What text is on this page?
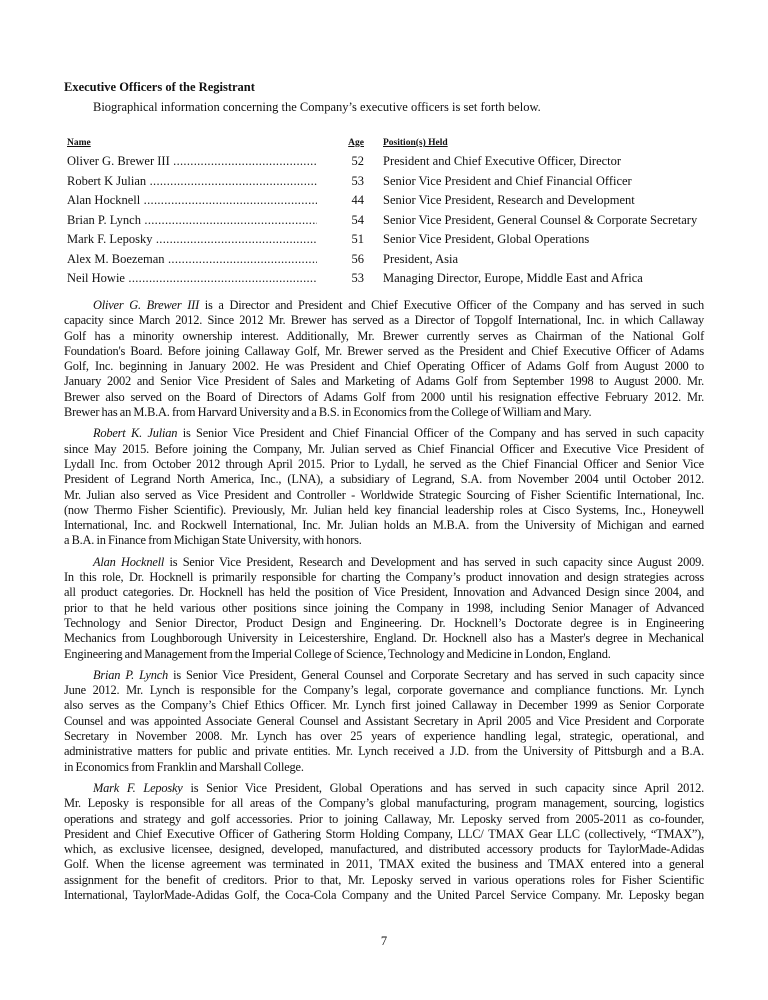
Executive Officers of the Registrant
Biographical information concerning the Company’s executive officers is set forth below.
Name	Age Position(s) Held
Oliver G. Brewer III .....	52 President and Chief Executive Officer, Director
Robert K Julian .....	53 Senior Vice President and Chief Financial Officer
Alan Hocknell .....	44 Senior Vice President, Research and Development
Brian P. Lynch .....	54 Senior Vice President, General Counsel & Corporate Secretary
Mark F. Leposky .....	51 Senior Vice President, Global Operations
Alex M. Boezeman .....	56 President, Asia
Neil Howie .....	53 Managing Director, Europe, Middle East and Africa
Oliver G. Brewer III is a Director and President and Chief Executive Officer of the Company and has served in such
capacity since March 2012. Since 2012 Mr. Brewer has served as a Director of Topgolf International, Inc. in which Callaway
Golf has a minority ownership interest. Additionally, Mr. Brewer currently serves as Chairman of the National Golf
Foundation's Board. Before joining Callaway Golf, Mr. Brewer served as the President and Chief Executive Officer of Adams
Golf, Inc. beginning in January 2002. He was President and Chief Operating Officer of Adams Golf from August 2000 to
January 2002 and Senior Vice President of Sales and Marketing of Adams Golf from September 1998 to August 2000. Mr.
Brewer also served on the Board of Directors of Adams Golf from 2000 until his resignation effective February 2012. Mr.
Brewer has an M.B.A. from Harvard University and a B.S. in Economics from the College of William and Mary.
Robert K. Julian is Senior Vice President and Chief Financial Officer of the Company and has served in such capacity
since May 2015. Before joining the Company, Mr. Julian served as Chief Financial Officer and Executive Vice President of
Lydall Inc. from October 2012 through April 2015. Prior to Lydall, he served as the Chief Financial Officer and Senior Vice
President of Legrand North America, Inc., (LNA), a subsidiary of Legrand, S.A. from November 2004 until October 2012.
Mr. Julian also served as Vice President and Controller - Worldwide Strategic Sourcing of Fisher Scientific International, Inc.
(now Thermo Fisher Scientific). Previously, Mr. Julian held key financial leadership roles at Cisco Systems, Inc., Honeywell
International, Inc. and Rockwell International, Inc. Mr. Julian holds an M.B.A. from the University of Michigan and earned
a B.A. in Finance from Michigan State University, with honors.
Alan Hocknell is Senior Vice President, Research and Development and has served in such capacity since August 2009.
In this role, Dr. Hocknell is primarily responsible for charting the Company’s product innovation and design strategies across
all product categories. Dr. Hocknell has held the position of Vice President, Innovation and Advanced Design since 2004, and
prior to that he held various other positions since joining the Company in 1998, including Senior Manager of Advanced
Technology and Senior Director, Product Design and Engineering. Dr. Hocknell’s Doctorate degree is in Engineering
Mechanics from Loughborough University in Leicestershire, England. Dr. Hocknell also has a Master's degree in Mechanical
Engineering and Management from the Imperial College of Science, Technology and Medicine in London, England.
Brian P. Lynch is Senior Vice President, General Counsel and Corporate Secretary and has served in such capacity since
June 2012. Mr. Lynch is responsible for the Company’s legal, corporate governance and compliance functions. Mr. Lynch
also serves as the Company’s Chief Ethics Officer. Mr. Lynch first joined Callaway in December 1999 as Senior Corporate
Counsel and was appointed Associate General Counsel and Assistant Secretary in April 2005 and Vice President and Corporate
Secretary in November 2008. Mr. Lynch has over 25 years of experience handling legal, strategic, operational, and
administrative matters for public and private entities. Mr. Lynch received a J.D. from the University of Pittsburgh and a B.A.
in Economics from Franklin and Marshall College.
Mark F. Leposky is Senior Vice President, Global Operations and has served in such capacity since April 2012.
Mr. Leposky is responsible for all areas of the Company’s global manufacturing, program management, sourcing, logistics
operations and strategy and golf accessories. Prior to joining Callaway, Mr. Leposky served from 2005-2011 as co-founder,
President and Chief Executive Officer of Gathering Storm Holding Company, LLC/ TMAX Gear LLC (collectively, “TMAX”),
which, as exclusive licensee, designed, developed, manufactured, and distributed accessory products for TaylorMade-Adidas
Golf. When the license agreement was terminated in 2011, TMAX exited the business and TMAX entered into a general
assignment for the benefit of creditors. Prior to that, Mr. Leposky served in various operations roles for Fisher Scientific
International, TaylorMade-Adidas Golf, the Coca-Cola Company and the United Parcel Service Company. Mr. Leposky began
7
